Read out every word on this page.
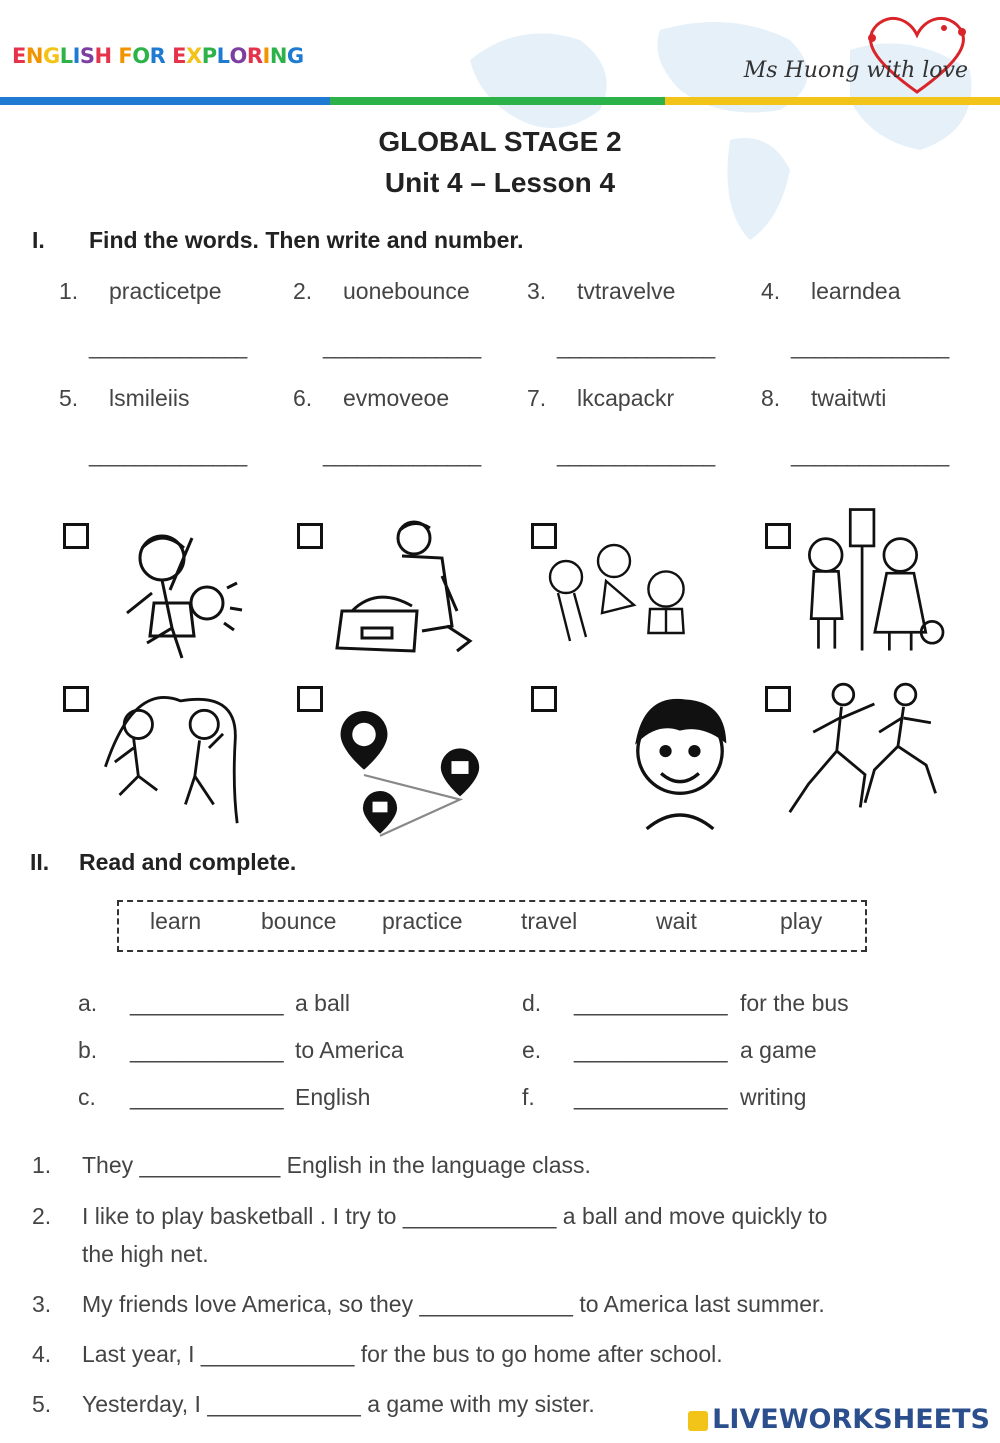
ENGLISH FOR EXPLORING
Ms Huong with love
GLOBAL STAGE 2
Unit 4 – Lesson 4
I. Find the words. Then write and number.
1. practicetpe	2. uonebounce 3. tvtravelve	4. learndea
______________	______________	______________	______________
5. lsmileiis	6. evmoveoe	7. lkcapackr	8. twaitwti
______________	______________	______________	______________
II. Read and complete.
learn	bounce practice	travel	wait	play
a. ____________ a ball
b. ____________ to America
c. ____________ English
d. ____________ for the bus
e. ____________ a game
f. ____________ writing
1. They ___________ English in the language class.
2. I like to play basketball . I try to ____________ a ball and move quickly to
the high net.
3. My friends love America, so they ____________ to America last summer.
4. Last year, I ____________ for the bus to go home after school.
5. Yesterday, I ____________ a game with my sister.	LIVEWORKSHEETS
